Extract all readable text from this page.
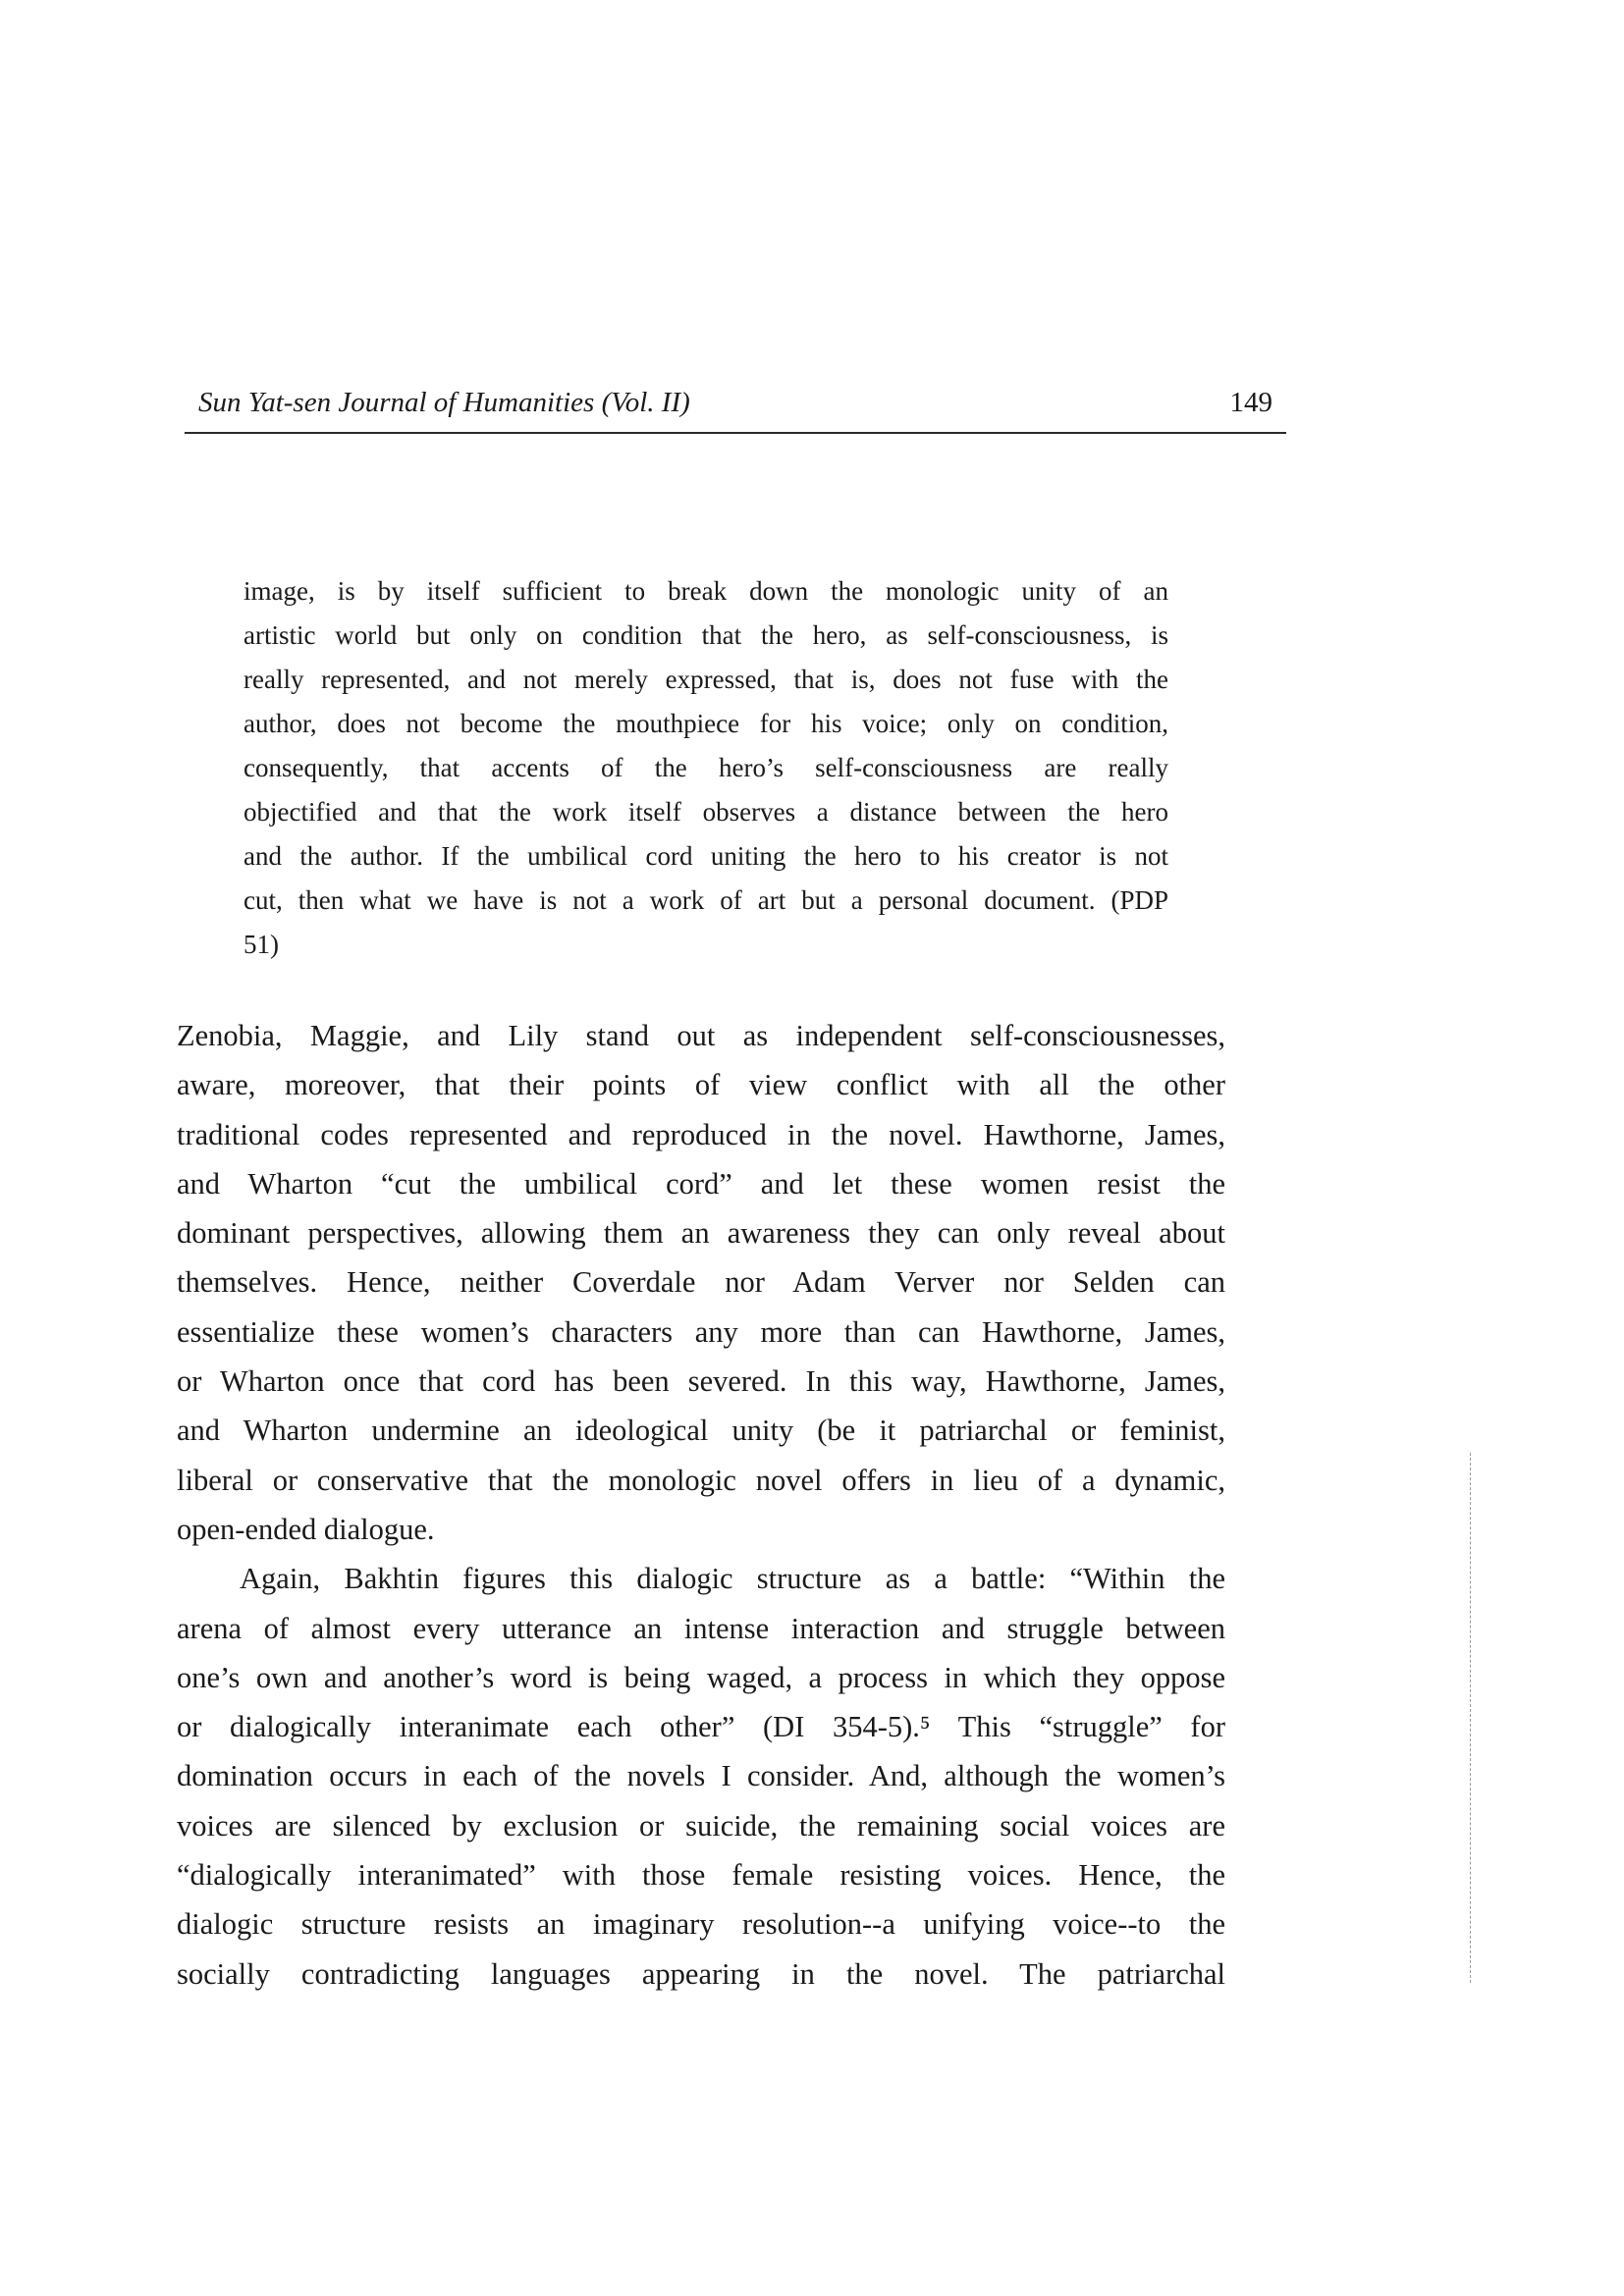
Sun Yat-sen Journal of Humanities (Vol. II)	149
image, is by itself sufficient to break down the monologic unity of an
artistic world but only on condition that the hero, as self-consciousness, is
really represented, and not merely expressed, that is, does not fuse with the
author, does not become the mouthpiece for his voice; only on condition,
consequently, that accents of the hero’s self-consciousness are really
objectified and that the work itself observes a distance between the hero
and the author. If the umbilical cord uniting the hero to his creator is not
cut, then what we have is not a work of art but a personal document. (PDP
51)
Zenobia, Maggie, and Lily stand out as independent self-consciousnesses,
aware, moreover, that their points of view conflict with all the other
traditional codes represented and reproduced in the novel. Hawthorne, James,
and Wharton “cut the umbilical cord” and let these women resist the
dominant perspectives, allowing them an awareness they can only reveal about
themselves. Hence, neither Coverdale nor Adam Verver nor Selden can
essentialize these women’s characters any more than can Hawthorne, James,
or Wharton once that cord has been severed. In this way, Hawthorne, James,
and Wharton undermine an ideological unity (be it patriarchal or feminist,
liberal or conservative that the monologic novel offers in lieu of a dynamic,
open-ended dialogue.
Again, Bakhtin figures this dialogic structure as a battle: “Within the
arena of almost every utterance an intense interaction and struggle between
one’s own and another’s word is being waged, a process in which they oppose
or dialogically interanimate each other” (DI 354-5).⁵ This “struggle” for
domination occurs in each of the novels I consider. And, although the women’s
voices are silenced by exclusion or suicide, the remaining social voices are
“dialogically interanimated” with those female resisting voices. Hence, the
dialogic structure resists an imaginary resolution--a unifying voice--to the
socially contradicting languages appearing in the novel. The patriarchal
